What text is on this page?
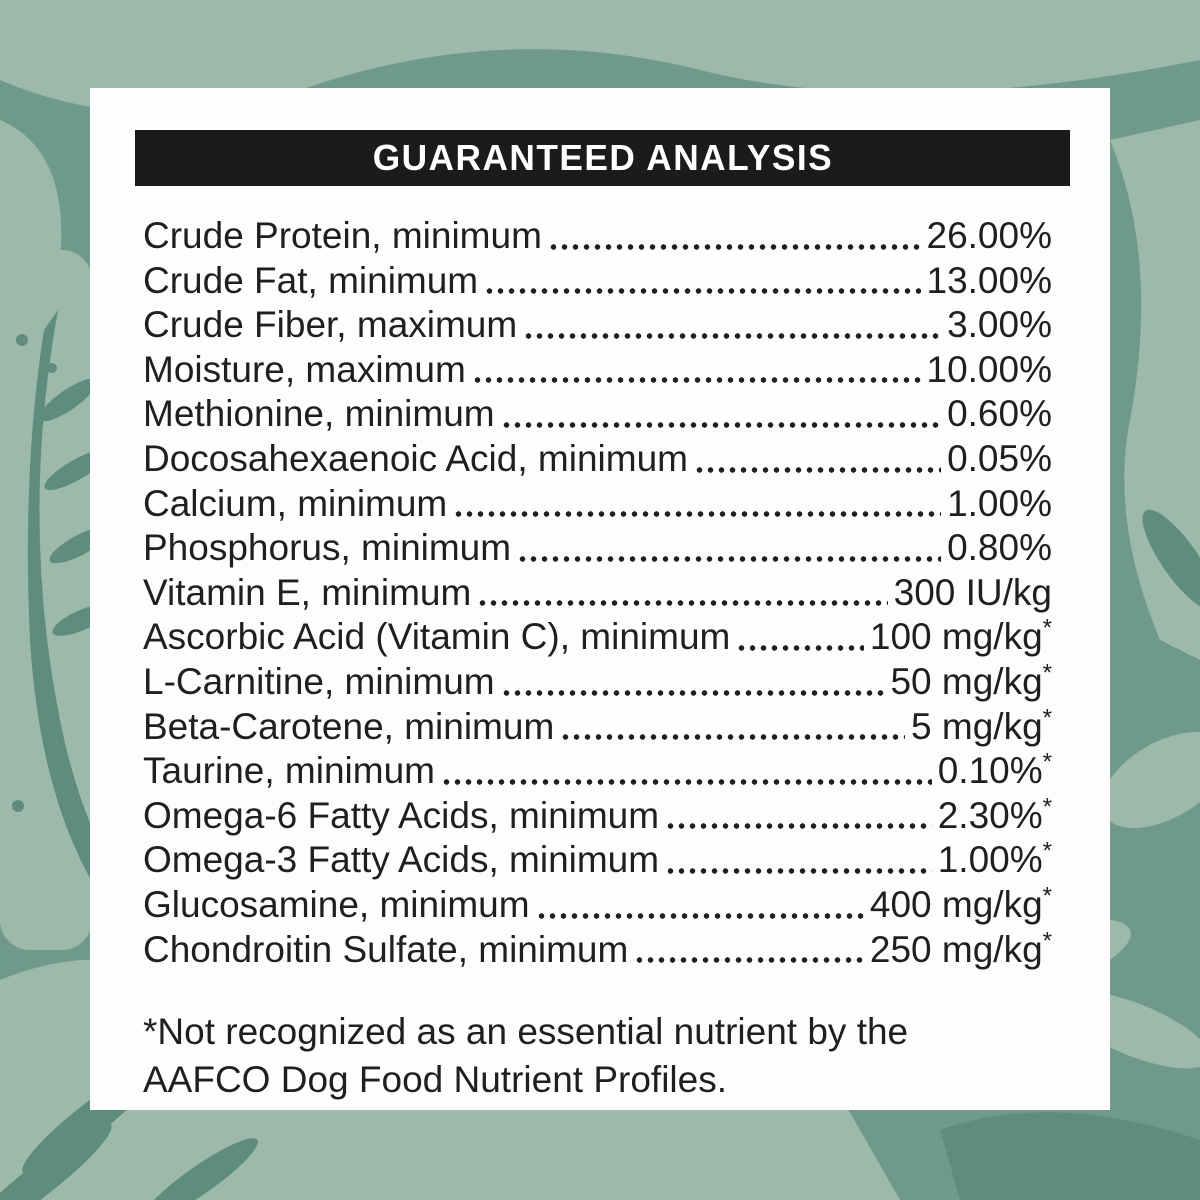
GUARANTEED ANALYSIS
Crude Protein, minimum	26.00%
Crude Fat, minimum	13.00%
Crude Fiber, maximum	3.00%
Moisture, maximum	10.00%
Methionine, minimum	0.60%
Docosahexaenoic Acid, minimum	0.05%
Calcium, minimum	1.00%
Phosphorus, minimum	0.80%
Vitamin E, minimum	300 IU/kg
Ascorbic Acid (Vitamin C), minimum	100 mg/kg*
L-Carnitine, minimum	50 mg/kg*
Beta-Carotene, minimum	5 mg/kg*
Taurine, minimum	0.10%*
Omega-6 Fatty Acids, minimum	2.30%*
Omega-3 Fatty Acids, minimum	1.00%*
Glucosamine, minimum	400 mg/kg*
Chondroitin Sulfate, minimum	250 mg/kg*
*Not recognized as an essential nutrient by the
AAFCO Dog Food Nutrient Profiles.
